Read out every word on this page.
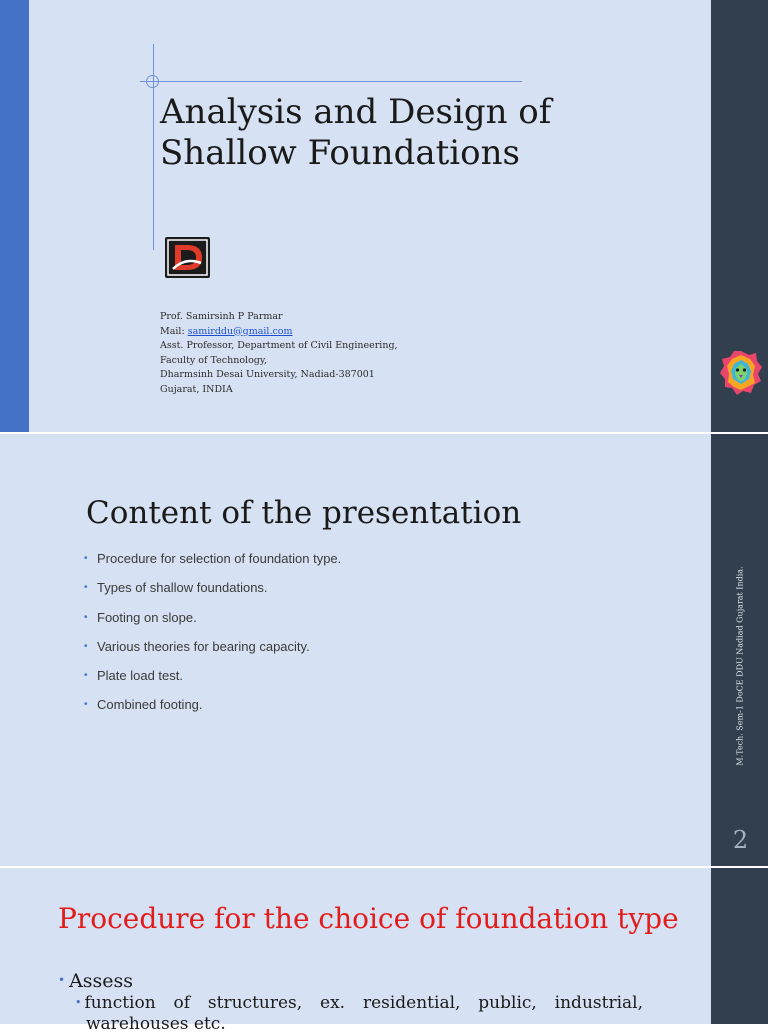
Analysis and Design of
Shallow Foundations
Prof. Samirsinh P Parmar
Mail: samirddu@gmail.com
Asst. Professor, Department of Civil Engineering,
Faculty of Technology,
Dharmsinh Desai University, Nadiad-387001
Gujarat, INDIA
Content of the presentation
• Procedure for selection of foundation type.
• Types of shallow foundations.
• Footing on slope.
• Various theories for bearing capacity.
• Plate load test.
• Combined footing.	M.Tech. Sem-1 DoCE DDU Nadiad Gujarat India.
2
Procedure for the choice of foundation type
• Assess
• function of structures, ex. residential, public, industrial,
warehouses etc.
